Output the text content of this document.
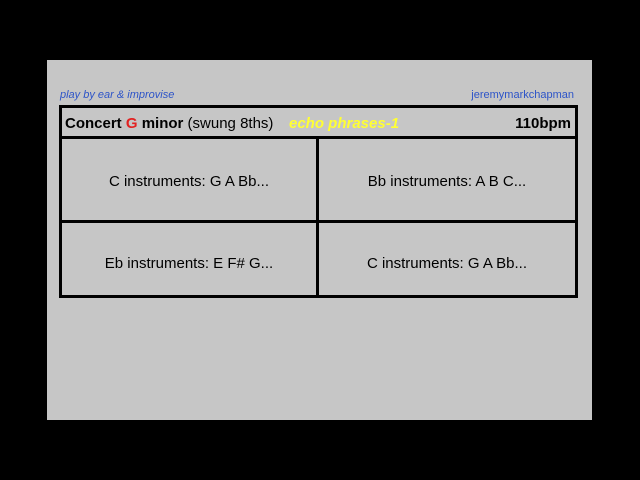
play by ear & improvise	jeremymarkchapman
Concert G minor (swung 8ths) echo phrases-1	110bpm
C instruments: G A Bb...	Bb instruments: A B C...
Eb instruments: E F# G...	C instruments: G A Bb...
